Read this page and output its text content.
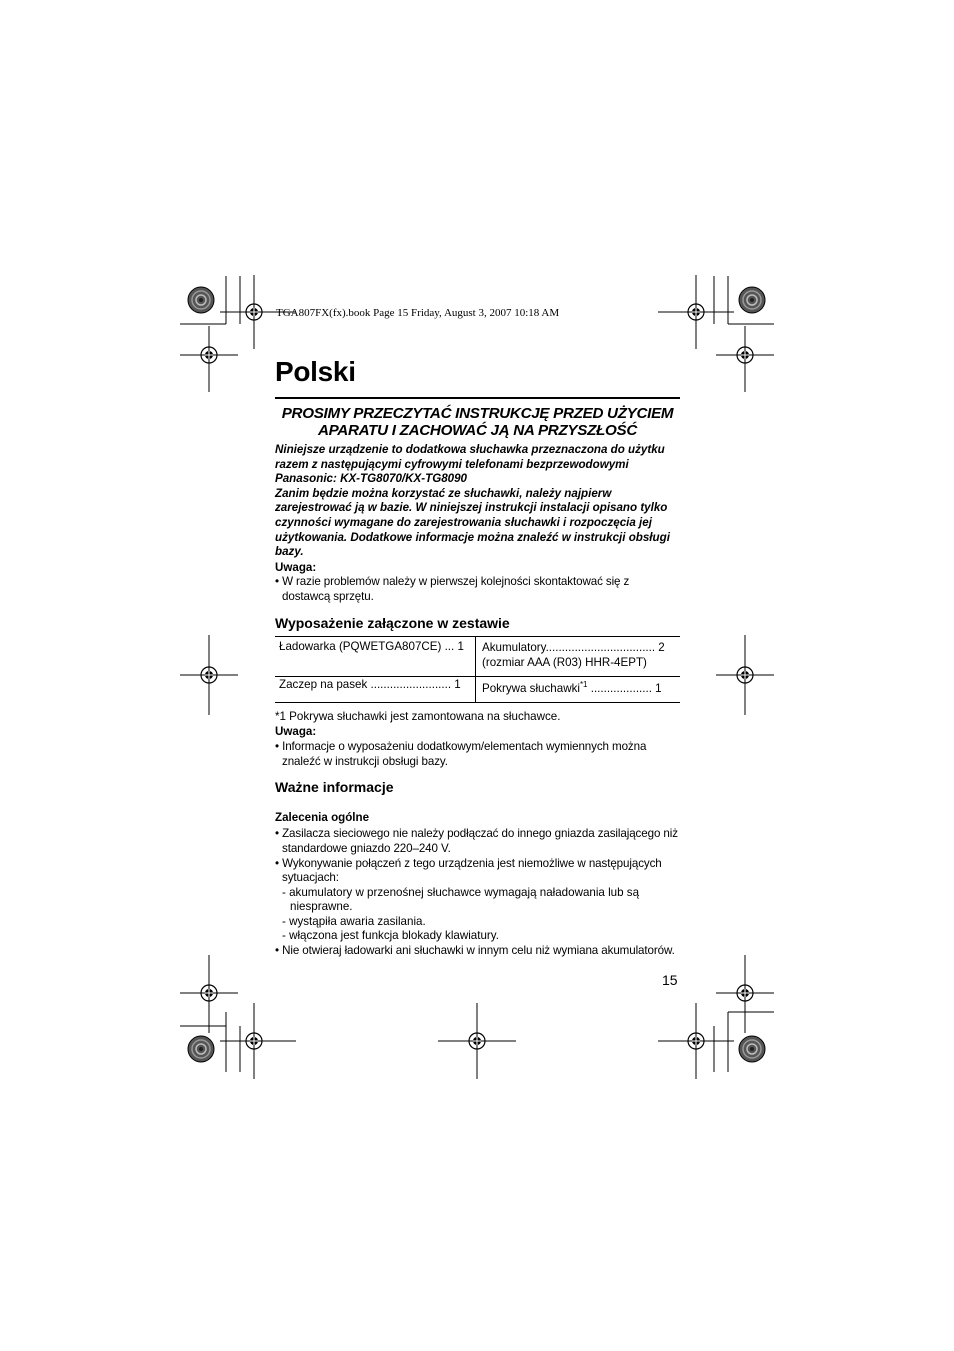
TGA807FX(fx).book Page 15 Friday, August 3, 2007 10:18 AM
Polski
PROSIMY PRZECZYTAĆ INSTRUKCJĘ PRZED UŻYCIEM
APARATU I ZACHOWAĆ JĄ NA PRZYSZŁOŚĆ

Niniejsze urządzenie to dodatkowa słuchawka przeznaczona do użytku razem z następującymi cyfrowymi telefonami bezprzewodowymi Panasonic: KX-TG8070/KX-TG8090

Zanim będzie można korzystać ze słuchawki, należy najpierw zarejestrować ją w bazie. W niniejszej instrukcji instalacji opisano tylko czynności wymagane do zarejestrowania słuchawki i rozpoczęcia jej użytkowania. Dodatkowe informacje można znaleźć w instrukcji obsługi bazy.

Uwaga:

• W razie problemów należy w pierwszej kolejności skontaktować się z dostawcą sprzętu.

Wyposażenie załączone w zestawie
Ładowarka (PQWETGA807CE) ... 1	Akumulatory.................................. 2
(rozmiar AAA (R03) HHR-4EPT)

Zaczep na pasek ......................... 1	Pokrywa słuchawki$^{*1}$ ................... 1

*1 Pokrywa słuchawki jest zamontowana na słuchawce.

Uwaga:

• Informacje o wyposażeniu dodatkowym/elementach wymiennych można znaleźć w instrukcji obsługi bazy.

Ważne informacje
Zalecenia ogólne

• Zasilacza sieciowego nie należy podłączać do innego gniazda zasilającego niż standardowe gniazdo 220–240 V.

• Wykonywanie połączeń z tego urządzenia jest niemożliwe w następujących sytuacjach:

- akumulatory w przenośnej słuchawce wymagają naładowania lub są niesprawne.

- wystąpiła awaria zasilania.

- włączona jest funkcja blokady klawiatury.

• Nie otwieraj ładowarki ani słuchawki w innym celu niż wymiana akumulatorów.

15
